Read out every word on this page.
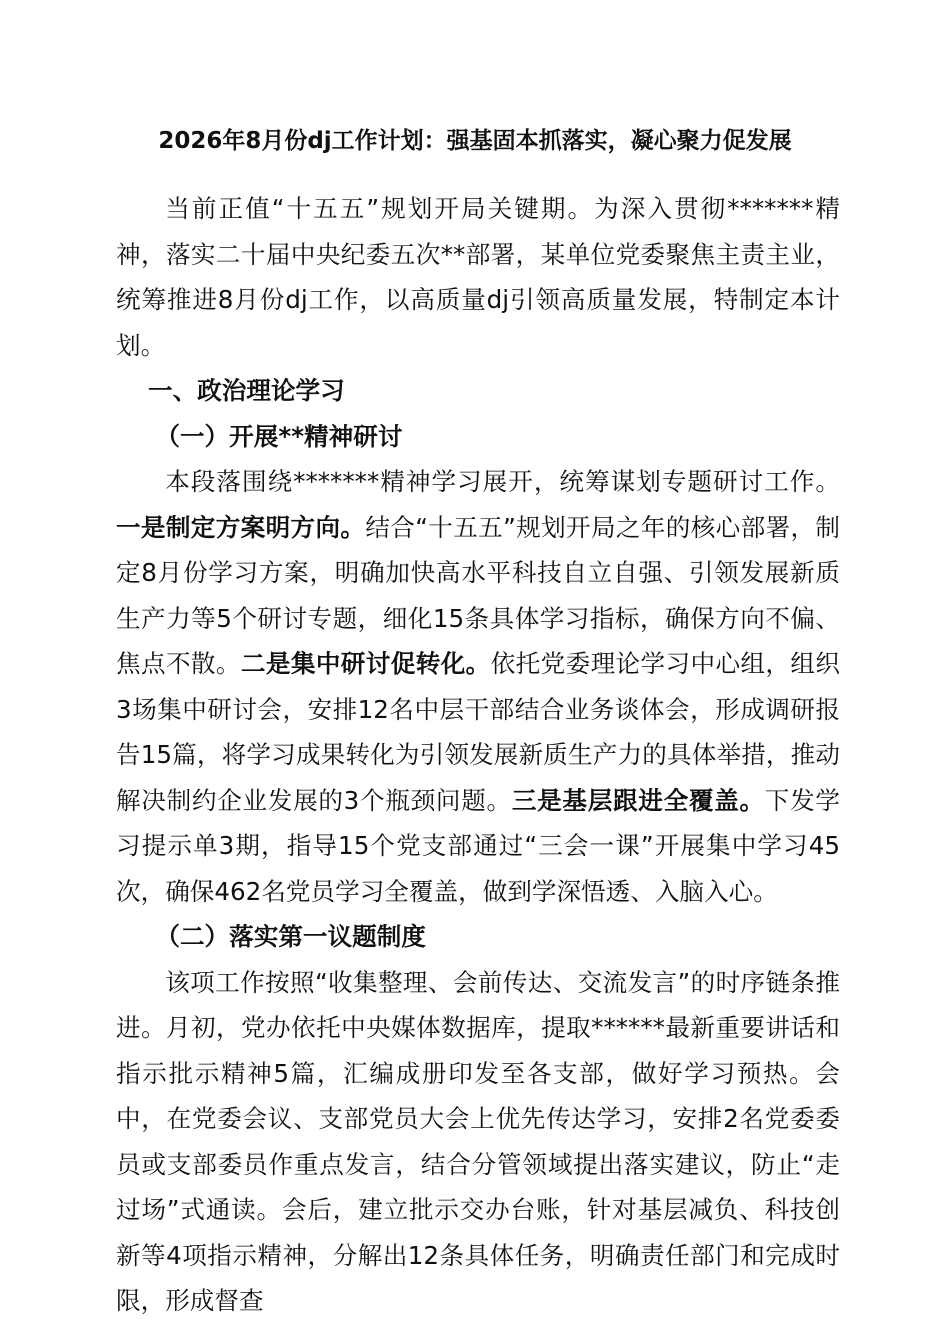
2026年8月份dj工作计划：强基固本抓落实，凝心聚力促发展

当前正值“十五五”规划开局关键期。为深入贯彻*******精神，落实二十届中央纪委五次**部署，某单位党委聚焦主责主业，统筹推进8月份dj工作，以高质量dj引领高质量发展，特制定本计划。

一、政治理论学习
（一）开展**精神研讨

本段落围绕*******精神学习展开，统筹谋划专题研讨工作。一是制定方案明方向。结合“十五五”规划开局之年的核心部署，制定8月份学习方案，明确加快高水平科技自立自强、引领发展新质生产力等5个研讨专题，细化15条具体学习指标，确保方向不偏、焦点不散。二是集中研讨促转化。依托党委理论学习中心组，组织3场集中研讨会，安排12名中层干部结合业务谈体会，形成调研报告15篇，将学习成果转化为引领发展新质生产力的具体举措，推动解决制约企业发展的3个瓶颈问题。三是基层跟进全覆盖。下发学习提示单3期，指导15个党支部通过“三会一课”开展集中学习45次，确保462名党员学习全覆盖，做到学深悟透、入脑入心。

（二）落实第一议题制度

该项工作按照“收集整理、会前传达、交流发言”的时序链条推进。月初，党办依托中央媒体数据库，提取******最新重要讲话和指示批示精神5篇，汇编成册印发至各支部，做好学习预热。会中，在党委会议、支部党员大会上优先传达学习，安排2名党委委员或支部委员作重点发言，结合分管领域提出落实建议，防止“走过场”式通读。会后，建立批示交办台账，针对基层减负、科技创新等4项指示精神，分解出12条具体任务，明确责任部门和完成时限，形成督查
